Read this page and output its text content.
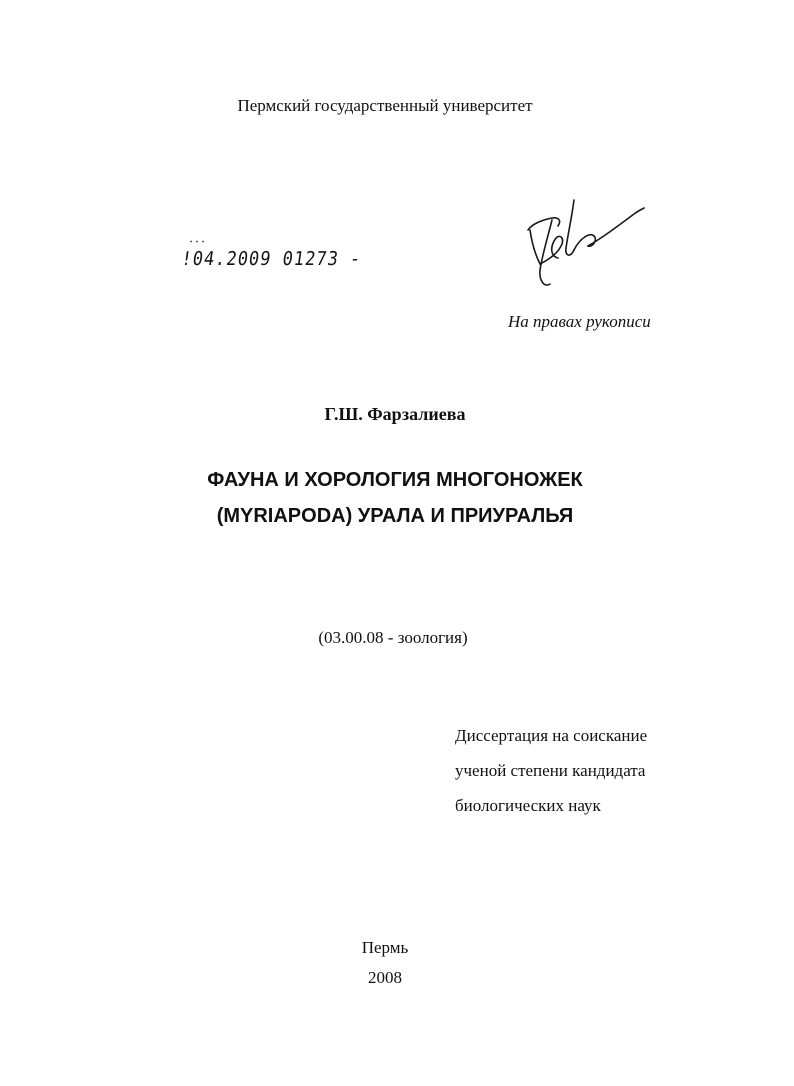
Пермский государственный университет
!04.2009 01273 -
На правах рукописи
Г.Ш. Фарзалиева
ФАУНА И ХОРОЛОГИЯ МНОГОНОЖЕК
(MYRIAPODA) УРАЛА И ПРИУРАЛЬЯ
(03.00.08 - зоология)
Диссертация на соискание
ученой степени кандидата
биологических наук
Пермь
2008
